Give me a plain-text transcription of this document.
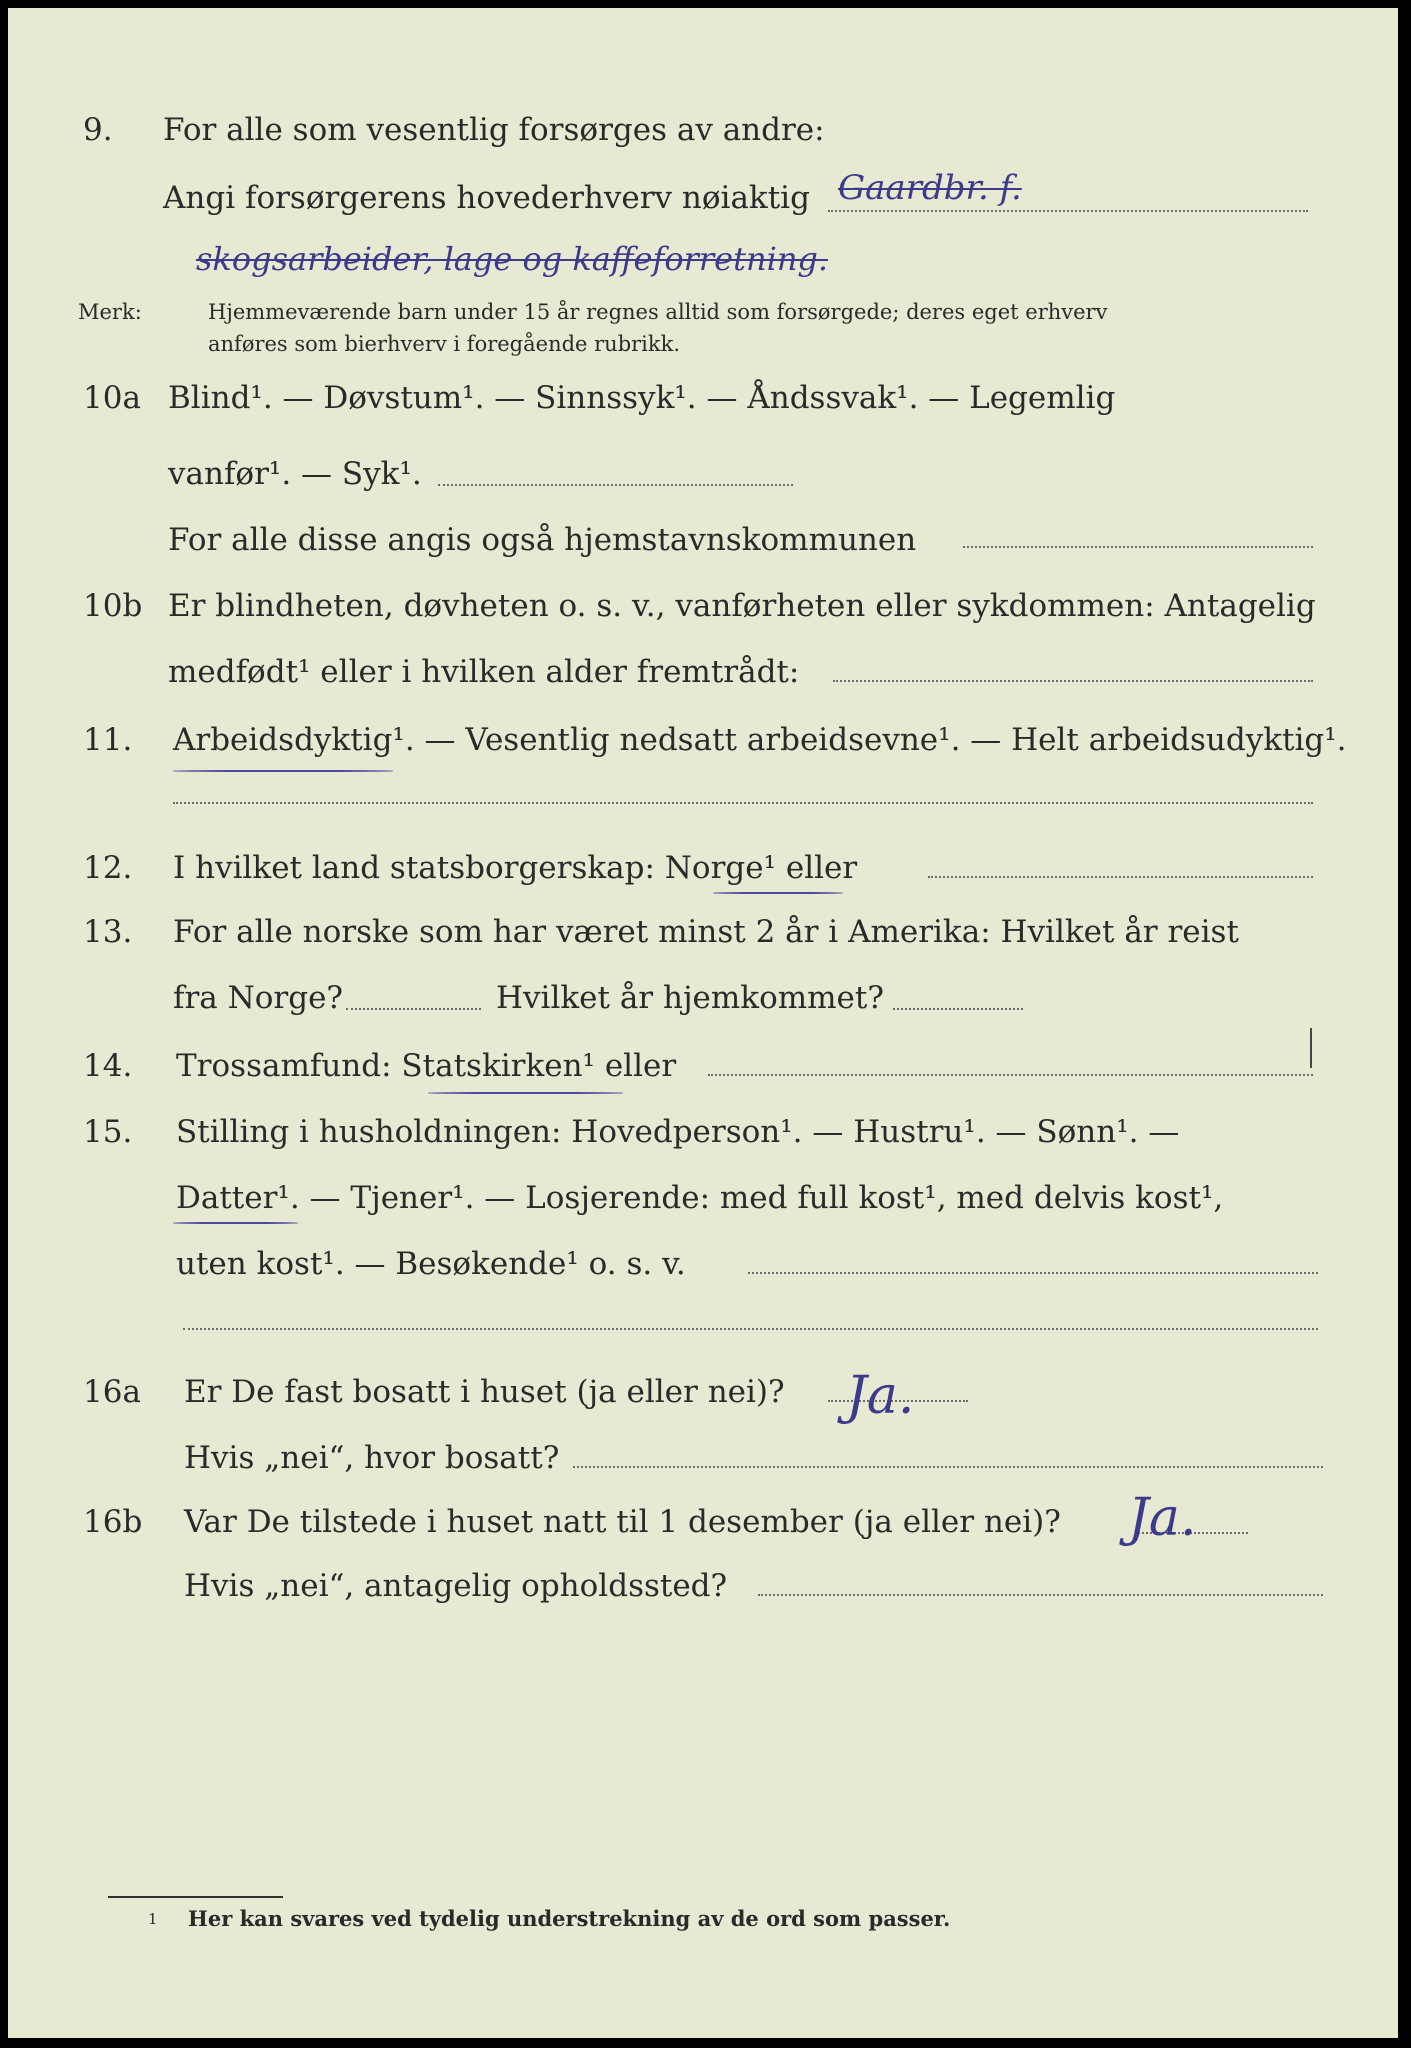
9. For alle som vesentlig forsørges av andre:
Angi forsørgerens hovederhverv nøiaktig Gaardbr. f.
skogsarbeider, lage og kaffeforretning.
Merk:	Hjemmeværende barn under 15 år regnes alltid som forsørgede; deres eget erhverv
anføres som bierhverv i foregående rubrikk.
10a Blind¹. — Døvstum¹. — Sinnssyk¹. — Åndssvak¹. — Legemlig
vanfør¹. — Syk¹.
For alle disse angis også hjemstavnskommunen
10b Er blindheten, døvheten o. s. v., vanførheten eller sykdommen: Antagelig
medfødt¹ eller i hvilken alder fremtrådt:
11. Arbeidsdyktig¹. — Vesentlig nedsatt arbeidsevne¹. — Helt arbeidsudyktig¹.
12. I hvilket land statsborgerskap: Norge¹ eller
13. For alle norske som har været minst 2 år i Amerika: Hvilket år reist
fra Norge?	Hvilket år hjemkommet?
14. Trossamfund: Statskirken¹ eller
15. Stilling i husholdningen: Hovedperson¹. — Hustru¹. — Sønn¹. —
Datter¹. — Tjener¹. — Losjerende: med full kost¹, med delvis kost¹,
uten kost¹. — Besøkende¹ o. s. v.
16a Er De fast bosatt i huset (ja eller nei)? Ja.
Hvis „nei“, hvor bosatt?
16b Var De tilstede i huset natt til 1 desember (ja eller nei)? Ja.
Hvis „nei“, antagelig opholdssted?
1 Her kan svares ved tydelig understrekning av de ord som passer.
